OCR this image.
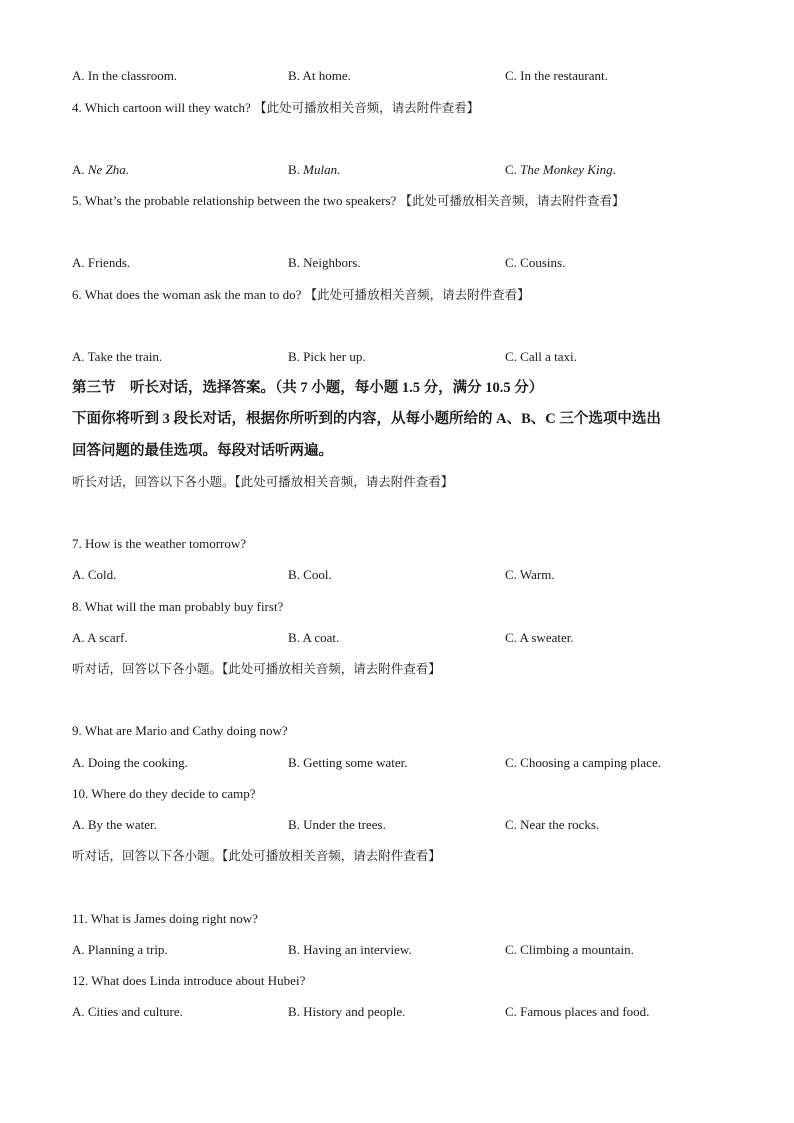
A. In the classroom.	B. At home.	C. In the restaurant.
4. Which cartoon will they watch? 【此处可播放相关音频，请去附件查看】
A. Ne Zha.	B. Mulan.	C. The Monkey King.
5. What’s the probable relationship between the two speakers? 【此处可播放相关音频，请去附件查看】
A. Friends.	B. Neighbors.	C. Cousins.
6. What does the woman ask the man to do? 【此处可播放相关音频，请去附件查看】
A. Take the train.	B. Pick her up.	C. Call a taxi.
第三节　听长对话，选择答案。（共 7 小题，每小题 1.5 分，满分 10.5 分）
下面你将听到 3 段长对话，根据你所听到的内容，从每小题所给的 A、B、C 三个选项中选出
回答问题的最佳选项。每段对话听两遍。
听长对话，回答以下各小题。【此处可播放相关音频，请去附件查看】
7. How is the weather tomorrow?
A. Cold.	B. Cool.	C. Warm.
8. What will the man probably buy first?
A. A scarf.	B. A coat.	C. A sweater.
听对话，回答以下各小题。【此处可播放相关音频，请去附件查看】
9. What are Mario and Cathy doing now?
A. Doing the cooking.	B. Getting some water.	C. Choosing a camping place.
10. Where do they decide to camp?
A. By the water.	B. Under the trees.	C. Near the rocks.
听对话，回答以下各小题。【此处可播放相关音频，请去附件查看】
11. What is James doing right now?
A. Planning a trip.	B. Having an interview.	C. Climbing a mountain.
12. What does Linda introduce about Hubei?
A. Cities and culture.	B. History and people.	C. Famous places and food.
